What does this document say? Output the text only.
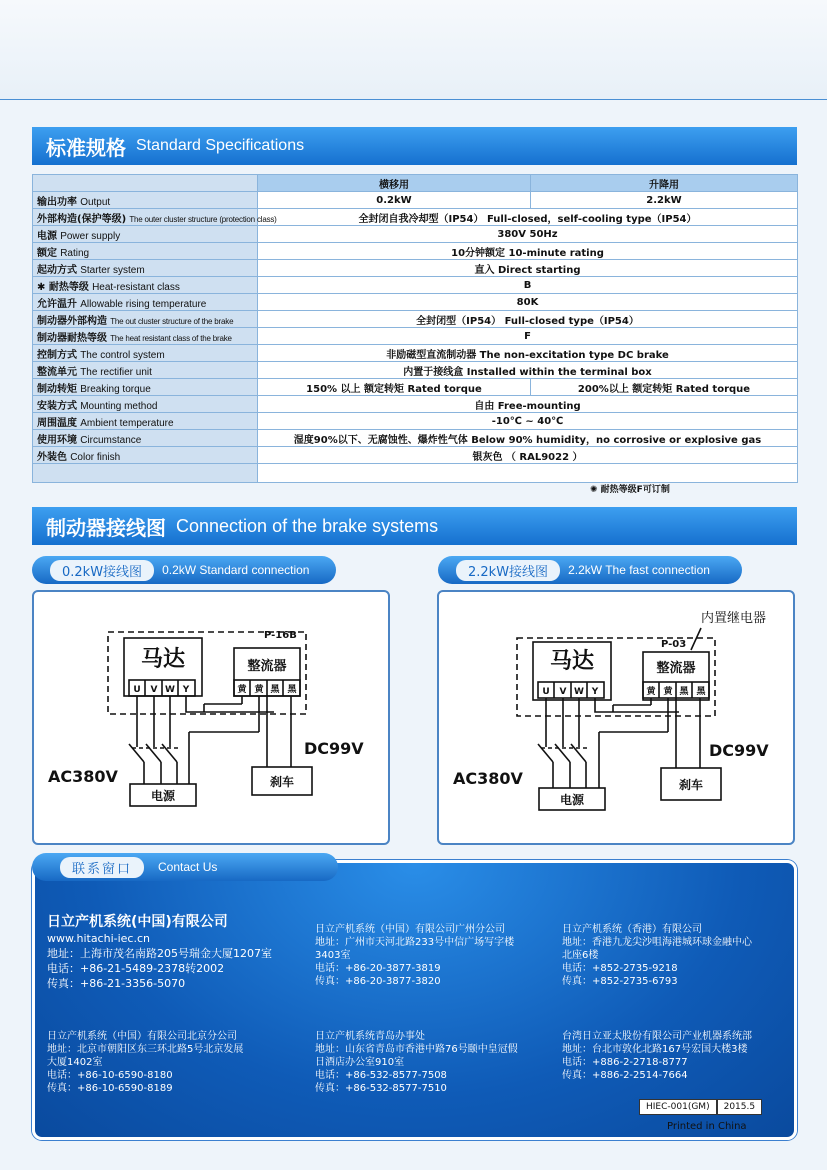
标准规格 Standard Specifications
	横移用	升降用
输出功率 Output	0.2kW	2.2kW
外部构造(保护等级) The outer cluster structure (protection class)	全封闭自我冷却型（IP54） Full-closed，self-cooling type（IP54）	
电源 Power supply	380V 50Hz	
额定 Rating	10分钟额定 10-minute rating	
起动方式 Starter system	直入 Direct starting	
✱ 耐热等级 Heat-resistant class	B	
允许温升 Allowable rising temperature	80K	
制动器外部构造 The out cluster structure of the brake	全封闭型（IP54） Full-closed type（IP54）	
制动器耐热等级 The heat resistant class of the brake	F	
控制方式 The control system	非励磁型直流制动器 The non-excitation type DC brake	
整流单元 The rectifier unit	内置于接线盒 Installed within the terminal box	
制动转矩 Breaking torque	150% 以上 额定转矩 Rated torque	200%以上 额定转矩 Rated torque
安装方式 Mounting method	自由 Free-mounting	
周围温度 Ambient temperature	-10℃ ~ 40℃	
使用环境 Circumstance	湿度90%以下、无腐蚀性、爆炸性气体 Below 90% humidity，no corrosive or explosive gas	
外装色 Color finish	银灰色 （ RAL9022 ）	

✺ 耐热等级F可订制
制动器接线图 Connection of the brake systems
0.2kW接线图	0.2kW Standard connection	2.2kW接线图	2.2kW The fast connection
马达
P-16B
整流器
U V W Y	黄 黄 黑 黑
AC380V
DC99V
电源
刹车
内置继电器
马达
P-03
整流器
U V W Y	黄 黄 黑 黑
AC380V
DC99V
电源
刹车
联系窗口	Contact Us
日立产机系统(中国)有限公司
www.hitachi-iec.cn
地址：上海市茂名南路205号瑞金大厦1207室
电话：+86-21-5489-2378转2002
传真：+86-21-3356-5070
日立产机系统（中国）有限公司广州分公司
地址：广州市天河北路233号中信广场写字楼
3403室
电话：+86-20-3877-3819
传真：+86-20-3877-3820
日立产机系统（香港）有限公司
地址：香港九龙尖沙咀海港城环球金融中心
北座6楼
电话：+852-2735-9218
传真：+852-2735-6793
日立产机系统（中国）有限公司北京分公司
地址：北京市朝阳区东三环北路5号北京发展
大厦1402室
电话：+86-10-6590-8180
传真：+86-10-6590-8189
日立产机系统青岛办事处
地址：山东省青岛市香港中路76号颐中皇冠假
日酒店办公室910室
电话：+86-532-8577-7508
传真：+86-532-8577-7510
台湾日立亚太股份有限公司产业机器系统部
地址：台北市敦化北路167号宏国大楼3楼
电话：+886-2-2718-8777
传真：+886-2-2514-7664
HIEC-001(GM)	2015.5
Printed in China
